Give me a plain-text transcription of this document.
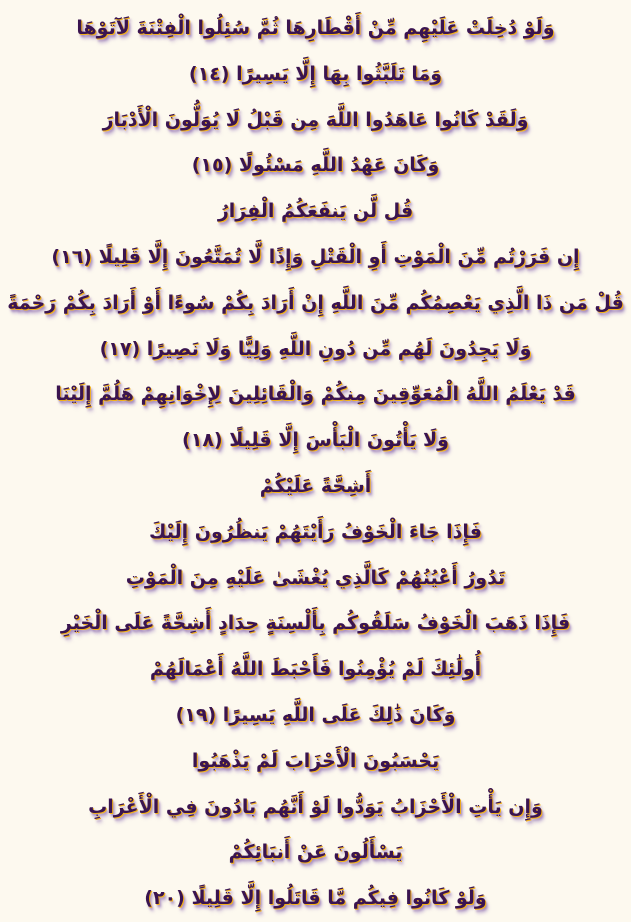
وَلَوْ دُخِلَتْ عَلَيْهِم مِّنْ أَقْطَارِهَا ثُمَّ سُئِلُوا الْفِتْنَةَ لَآتَوْهَا
وَمَا تَلَبَّثُوا بِهَا إِلَّا يَسِيرًا (١٤)
وَلَقَدْ كَانُوا عَاهَدُوا اللَّهَ مِن قَبْلُ لَا يُوَلُّونَ الْأَدْبَارَ
وَكَانَ عَهْدُ اللَّهِ مَسْئُولًا (١٥)
قُل لَّن يَنفَعَكُمُ الْفِرَارُ
إِن فَرَرْتُم مِّنَ الْمَوْتِ أَوِ الْقَتْلِ وَإِذًا لَّا تُمَتَّعُونَ إِلَّا قَلِيلًا (١٦)
قُلْ مَن ذَا الَّذِي يَعْصِمُكُم مِّنَ اللَّهِ إِنْ أَرَادَ بِكُمْ سُوءًا أَوْ أَرَادَ بِكُمْ رَحْمَةً
وَلَا يَجِدُونَ لَهُم مِّن دُونِ اللَّهِ وَلِيًّا وَلَا نَصِيرًا (١٧)
قَدْ يَعْلَمُ اللَّهُ الْمُعَوِّقِينَ مِنكُمْ وَالْقَائِلِينَ لِإِخْوَانِهِمْ هَلُمَّ إِلَيْنَا
وَلَا يَأْتُونَ الْبَأْسَ إِلَّا قَلِيلًا (١٨)
أَشِحَّةً عَلَيْكُمْ
فَإِذَا جَاءَ الْخَوْفُ رَأَيْتَهُمْ يَنظُرُونَ إِلَيْكَ
تَدُورُ أَعْيُنُهُمْ كَالَّذِي يُغْشَىٰ عَلَيْهِ مِنَ الْمَوْتِ
فَإِذَا ذَهَبَ الْخَوْفُ سَلَقُوكُم بِأَلْسِنَةٍ حِدَادٍ أَشِحَّةً عَلَى الْخَيْرِ
أُولَٰئِكَ لَمْ يُؤْمِنُوا فَأَحْبَطَ اللَّهُ أَعْمَالَهُمْ
وَكَانَ ذَٰلِكَ عَلَى اللَّهِ يَسِيرًا (١٩)
يَحْسَبُونَ الْأَحْزَابَ لَمْ يَذْهَبُوا
وَإِن يَأْتِ الْأَحْزَابُ يَوَدُّوا لَوْ أَنَّهُم بَادُونَ فِي الْأَعْرَابِ
يَسْأَلُونَ عَنْ أَنبَائِكُمْ
وَلَوْ كَانُوا فِيكُم مَّا قَاتَلُوا إِلَّا قَلِيلًا (٢٠)
